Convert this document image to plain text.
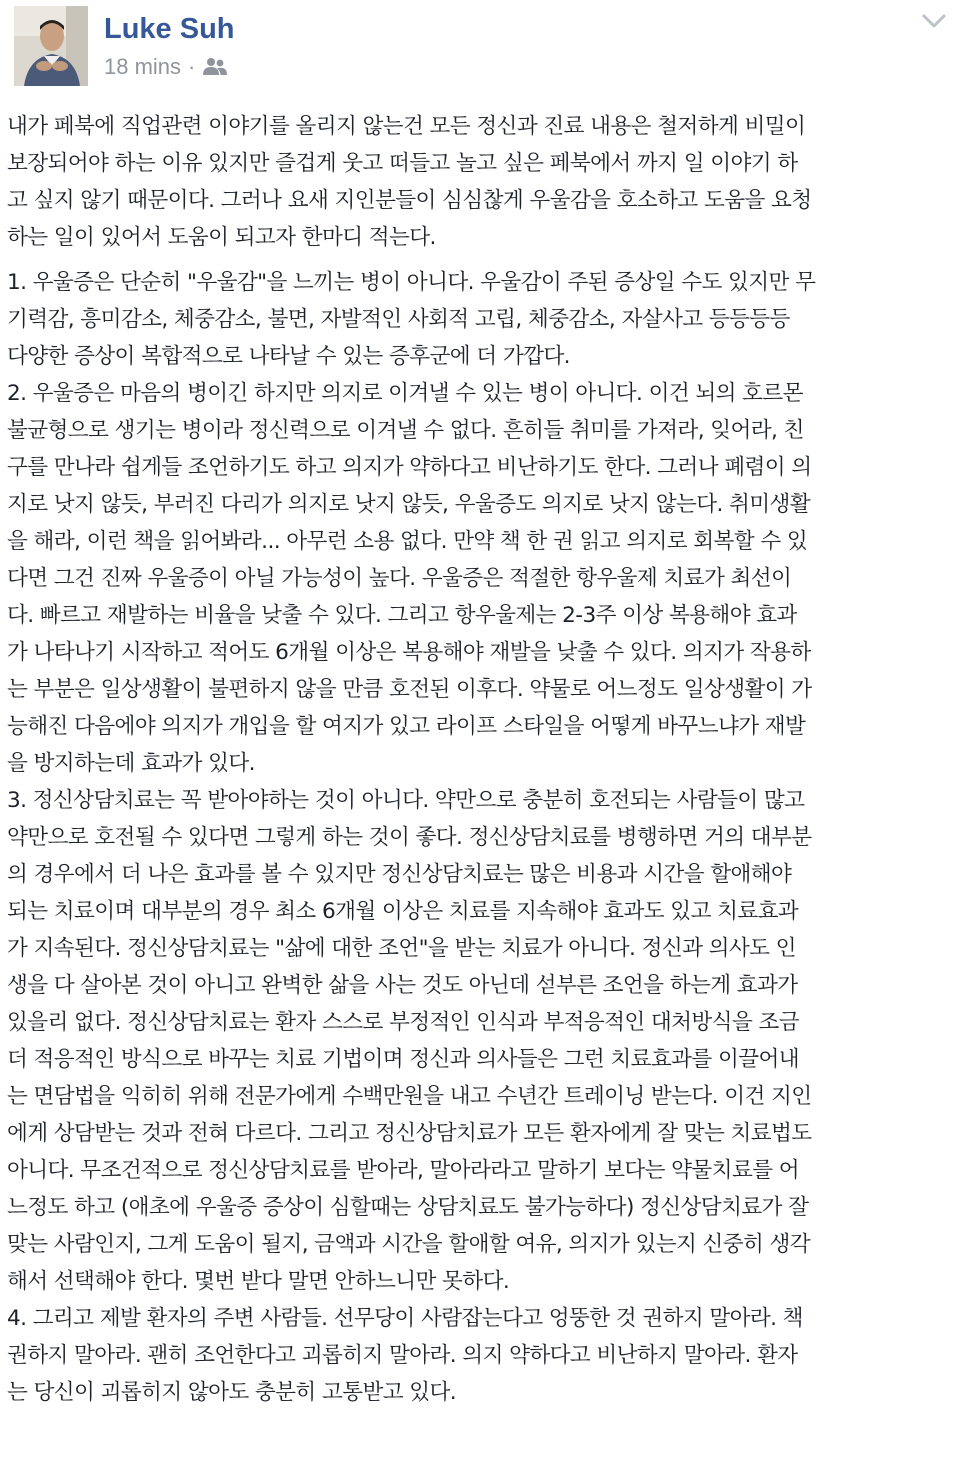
Luke Suh
18 mins ·

내가 페북에 직업관련 이야기를 올리지 않는건 모든 정신과 진료 내용은 철저하게 비밀이
보장되어야 하는 이유 있지만 즐겁게 웃고 떠들고 놀고 싶은 페북에서 까지 일 이야기 하
고 싶지 않기 때문이다. 그러나 요새 지인분들이 심심찮게 우울감을 호소하고 도움을 요청
하는 일이 있어서 도움이 되고자 한마디 적는다.

1. 우울증은 단순히 "우울감"을 느끼는 병이 아니다. 우울감이 주된 증상일 수도 있지만 무
기력감, 흥미감소, 체중감소, 불면, 자발적인 사회적 고립, 체중감소, 자살사고 등등등등
다양한 증상이 복합적으로 나타날 수 있는 증후군에 더 가깝다.

2. 우울증은 마음의 병이긴 하지만 의지로 이겨낼 수 있는 병이 아니다. 이건 뇌의 호르몬
불균형으로 생기는 병이라 정신력으로 이겨낼 수 없다. 흔히들 취미를 가져라, 잊어라, 친
구를 만나라 쉽게들 조언하기도 하고 의지가 약하다고 비난하기도 한다. 그러나 폐렴이 의
지로 낫지 않듯, 부러진 다리가 의지로 낫지 않듯, 우울증도 의지로 낫지 않는다. 취미생활
을 해라, 이런 책을 읽어봐라... 아무런 소용 없다. 만약 책 한 권 읽고 의지로 회복할 수 있
다면 그건 진짜 우울증이 아닐 가능성이 높다. 우울증은 적절한 항우울제 치료가 최선이
다. 빠르고 재발하는 비율을 낮출 수 있다. 그리고 항우울제는 2-3주 이상 복용해야 효과
가 나타나기 시작하고 적어도 6개월 이상은 복용해야 재발을 낮출 수 있다. 의지가 작용하
는 부분은 일상생활이 불편하지 않을 만큼 호전된 이후다. 약물로 어느정도 일상생활이 가
능해진 다음에야 의지가 개입을 할 여지가 있고 라이프 스타일을 어떻게 바꾸느냐가 재발
을 방지하는데 효과가 있다.

3. 정신상담치료는 꼭 받아야하는 것이 아니다. 약만으로 충분히 호전되는 사람들이 많고
약만으로 호전될 수 있다면 그렇게 하는 것이 좋다. 정신상담치료를 병행하면 거의 대부분
의 경우에서 더 나은 효과를 볼 수 있지만 정신상담치료는 많은 비용과 시간을 할애해야
되는 치료이며 대부분의 경우 최소 6개월 이상은 치료를 지속해야 효과도 있고 치료효과
가 지속된다. 정신상담치료는 "삶에 대한 조언"을 받는 치료가 아니다. 정신과 의사도 인
생을 다 살아본 것이 아니고 완벽한 삶을 사는 것도 아닌데 섣부른 조언을 하는게 효과가
있을리 없다. 정신상담치료는 환자 스스로 부정적인 인식과 부적응적인 대처방식을 조금
더 적응적인 방식으로 바꾸는 치료 기법이며 정신과 의사들은 그런 치료효과를 이끌어내
는 면담법을 익히히 위해 전문가에게 수백만원을 내고 수년간 트레이닝 받는다. 이건 지인
에게 상담받는 것과 전혀 다르다. 그리고 정신상담치료가 모든 환자에게 잘 맞는 치료법도
아니다. 무조건적으로 정신상담치료를 받아라, 말아라라고 말하기 보다는 약물치료를 어
느정도 하고 (애초에 우울증 증상이 심할때는 상담치료도 불가능하다) 정신상담치료가 잘
맞는 사람인지, 그게 도움이 될지, 금액과 시간을 할애할 여유, 의지가 있는지 신중히 생각
해서 선택해야 한다. 몇번 받다 말면 안하느니만 못하다.

4. 그리고 제발 환자의 주변 사람들. 선무당이 사람잡는다고 엉뚱한 것 권하지 말아라. 책
권하지 말아라. 괜히 조언한다고 괴롭히지 말아라. 의지 약하다고 비난하지 말아라. 환자
는 당신이 괴롭히지 않아도 충분히 고통받고 있다.
